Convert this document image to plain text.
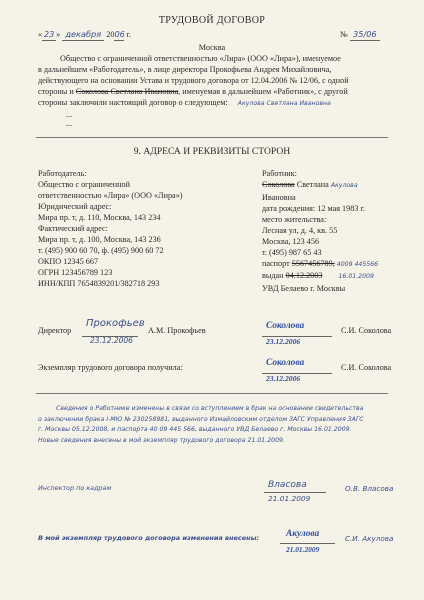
ТРУДОВОЙ ДОГОВОР
« 23 » декабря 2006 г.	№ 35/06
Москва
Общество с ограниченной ответственностью «Лира» (ООО «Лира»), именуемое
в дальнейшем «Работодатель», в лице директора Прокофьева Андрея Михайловича,
действующего на основании Устава и трудового договора от 12.04.2006 № 12/06, с одной
стороны и Соколова Светлана Ивановна, именуемая в дальнейшем «Работник», с другой
стороны заключили настоящий договор о следующем: Акулова Светлана Ивановна
...
...
9. АДРЕСА И РЕКВИЗИТЫ СТОРОН
Работодатель:
Общество с ограниченной
ответственностью «Лира» (ООО «Лира»)
Юридический адрес:
Мира пр. т, д. 110, Москва, 143 234
Фактический адрес:
Мира пр. т, д. 100, Москва, 143 236
т. (495) 900 60 70, ф. (495) 900 60 72
ОКПО 12345 667
ОГРН 123456789 123
ИНН/КПП 7654839201/382718 293
Работник:
Соколова Светлана Акулова
Ивановна
дата рождения: 12 мая 1983 г.
место жительства:
Лесная ул, д. 4, кв. 55
Москва, 123 456
т. (495) 987 65 43
паспорт 5567456789, 4009 445566
выдан 04.12.2003	16.01.2009
УВД Белаево г. Москвы
Директор
Прокофьев
23.12.2006
А.М. Прокофьев	Соколова
23.12.2006
С.И. Соколова
Экземпляр трудового договора получила:	Соколова
23.12.2006
С.И. Соколова
Сведения о Работнике изменены в связи со вступлением в брак на основании свидетельства
о заключении брака I-МЮ № 230258981, выданного Измайловским отделом ЗАГС Управления ЗАГС
г. Москвы 05.12.2008, и паспорта 40 09 445 566, выданного УВД Белаево г. Москвы 16.01.2009.
Новые сведения внесены в мой экземпляр трудового договора 21.01.2009.
Инспектор по кадрам	Власова
21.01.2009
О.В. Власова
В мой экземпляр трудового договора изменения внесены:	Акулова
21.01.2009
С.И. Акулова
